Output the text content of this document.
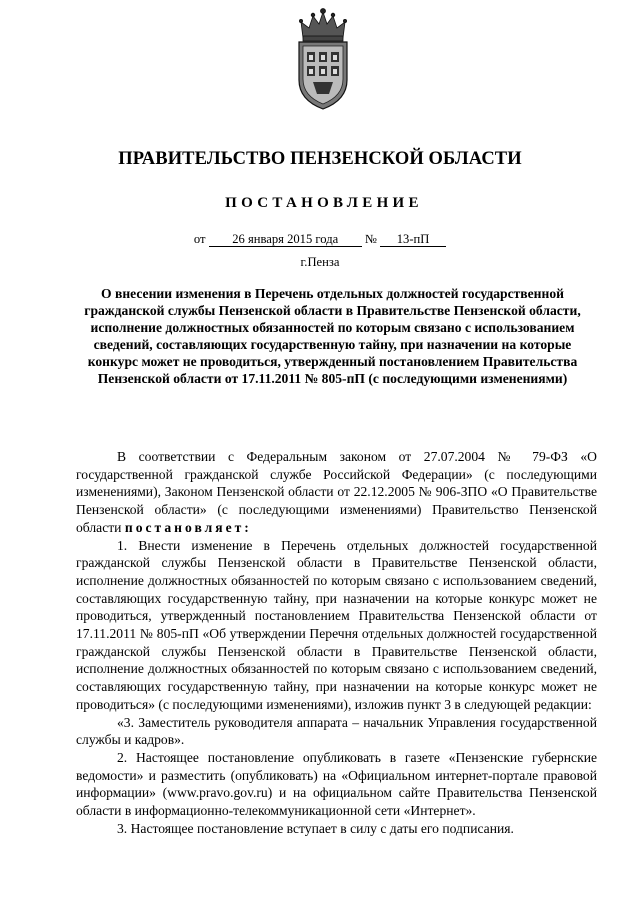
ПРАВИТЕЛЬСТВО ПЕНЗЕНСКОЙ ОБЛАСТИ
ПОСТАНОВЛЕНИЕ
от 26 января 2015 года № 13-пП
г.Пенза
О внесении изменения в Перечень отдельных должностей государственной гражданской службы Пензенской области в Правительстве Пензенской области, исполнение должностных обязанностей по которым связано с использованием сведений, составляющих государственную тайну, при назначении на которые конкурс может не проводиться, утвержденный постановлением Правительства Пензенской области от 17.11.2011 № 805-пП (с последующими изменениями)

В соответствии с Федеральным законом от 27.07.2004 № 79-ФЗ «О государственной гражданской службе Российской Федерации» (с последующими изменениями), Законом Пензенской области от 22.12.2005 № 906-ЗПО «О Правительстве Пензенской области» (с последующими изменениями) Правительство Пензенской области постановляет:

1. Внести изменение в Перечень отдельных должностей государственной гражданской службы Пензенской области в Правительстве Пензенской области, исполнение должностных обязанностей по которым связано с использованием сведений, составляющих государственную тайну, при назначении на которые конкурс может не проводиться, утвержденный постановлением Правительства Пензенской области от 17.11.2011 № 805-пП «Об утверждении Перечня отдельных должностей государственной гражданской службы Пензенской области в Правительстве Пензенской области, исполнение должностных обязанностей по которым связано с использованием сведений, составляющих государственную тайну, при назначении на которые конкурс может не проводиться» (с последующими изменениями), изложив пункт 3 в следующей редакции:

«3. Заместитель руководителя аппарата – начальник Управления государственной службы и кадров».

2. Настоящее постановление опубликовать в газете «Пензенские губернские ведомости» и разместить (опубликовать) на «Официальном интернет-портале правовой информации» (www.pravo.gov.ru) и на официальном сайте Правительства Пензенской области в информационно-телекоммуникационной сети «Интернет».

3. Настоящее постановление вступает в силу с даты его подписания.
